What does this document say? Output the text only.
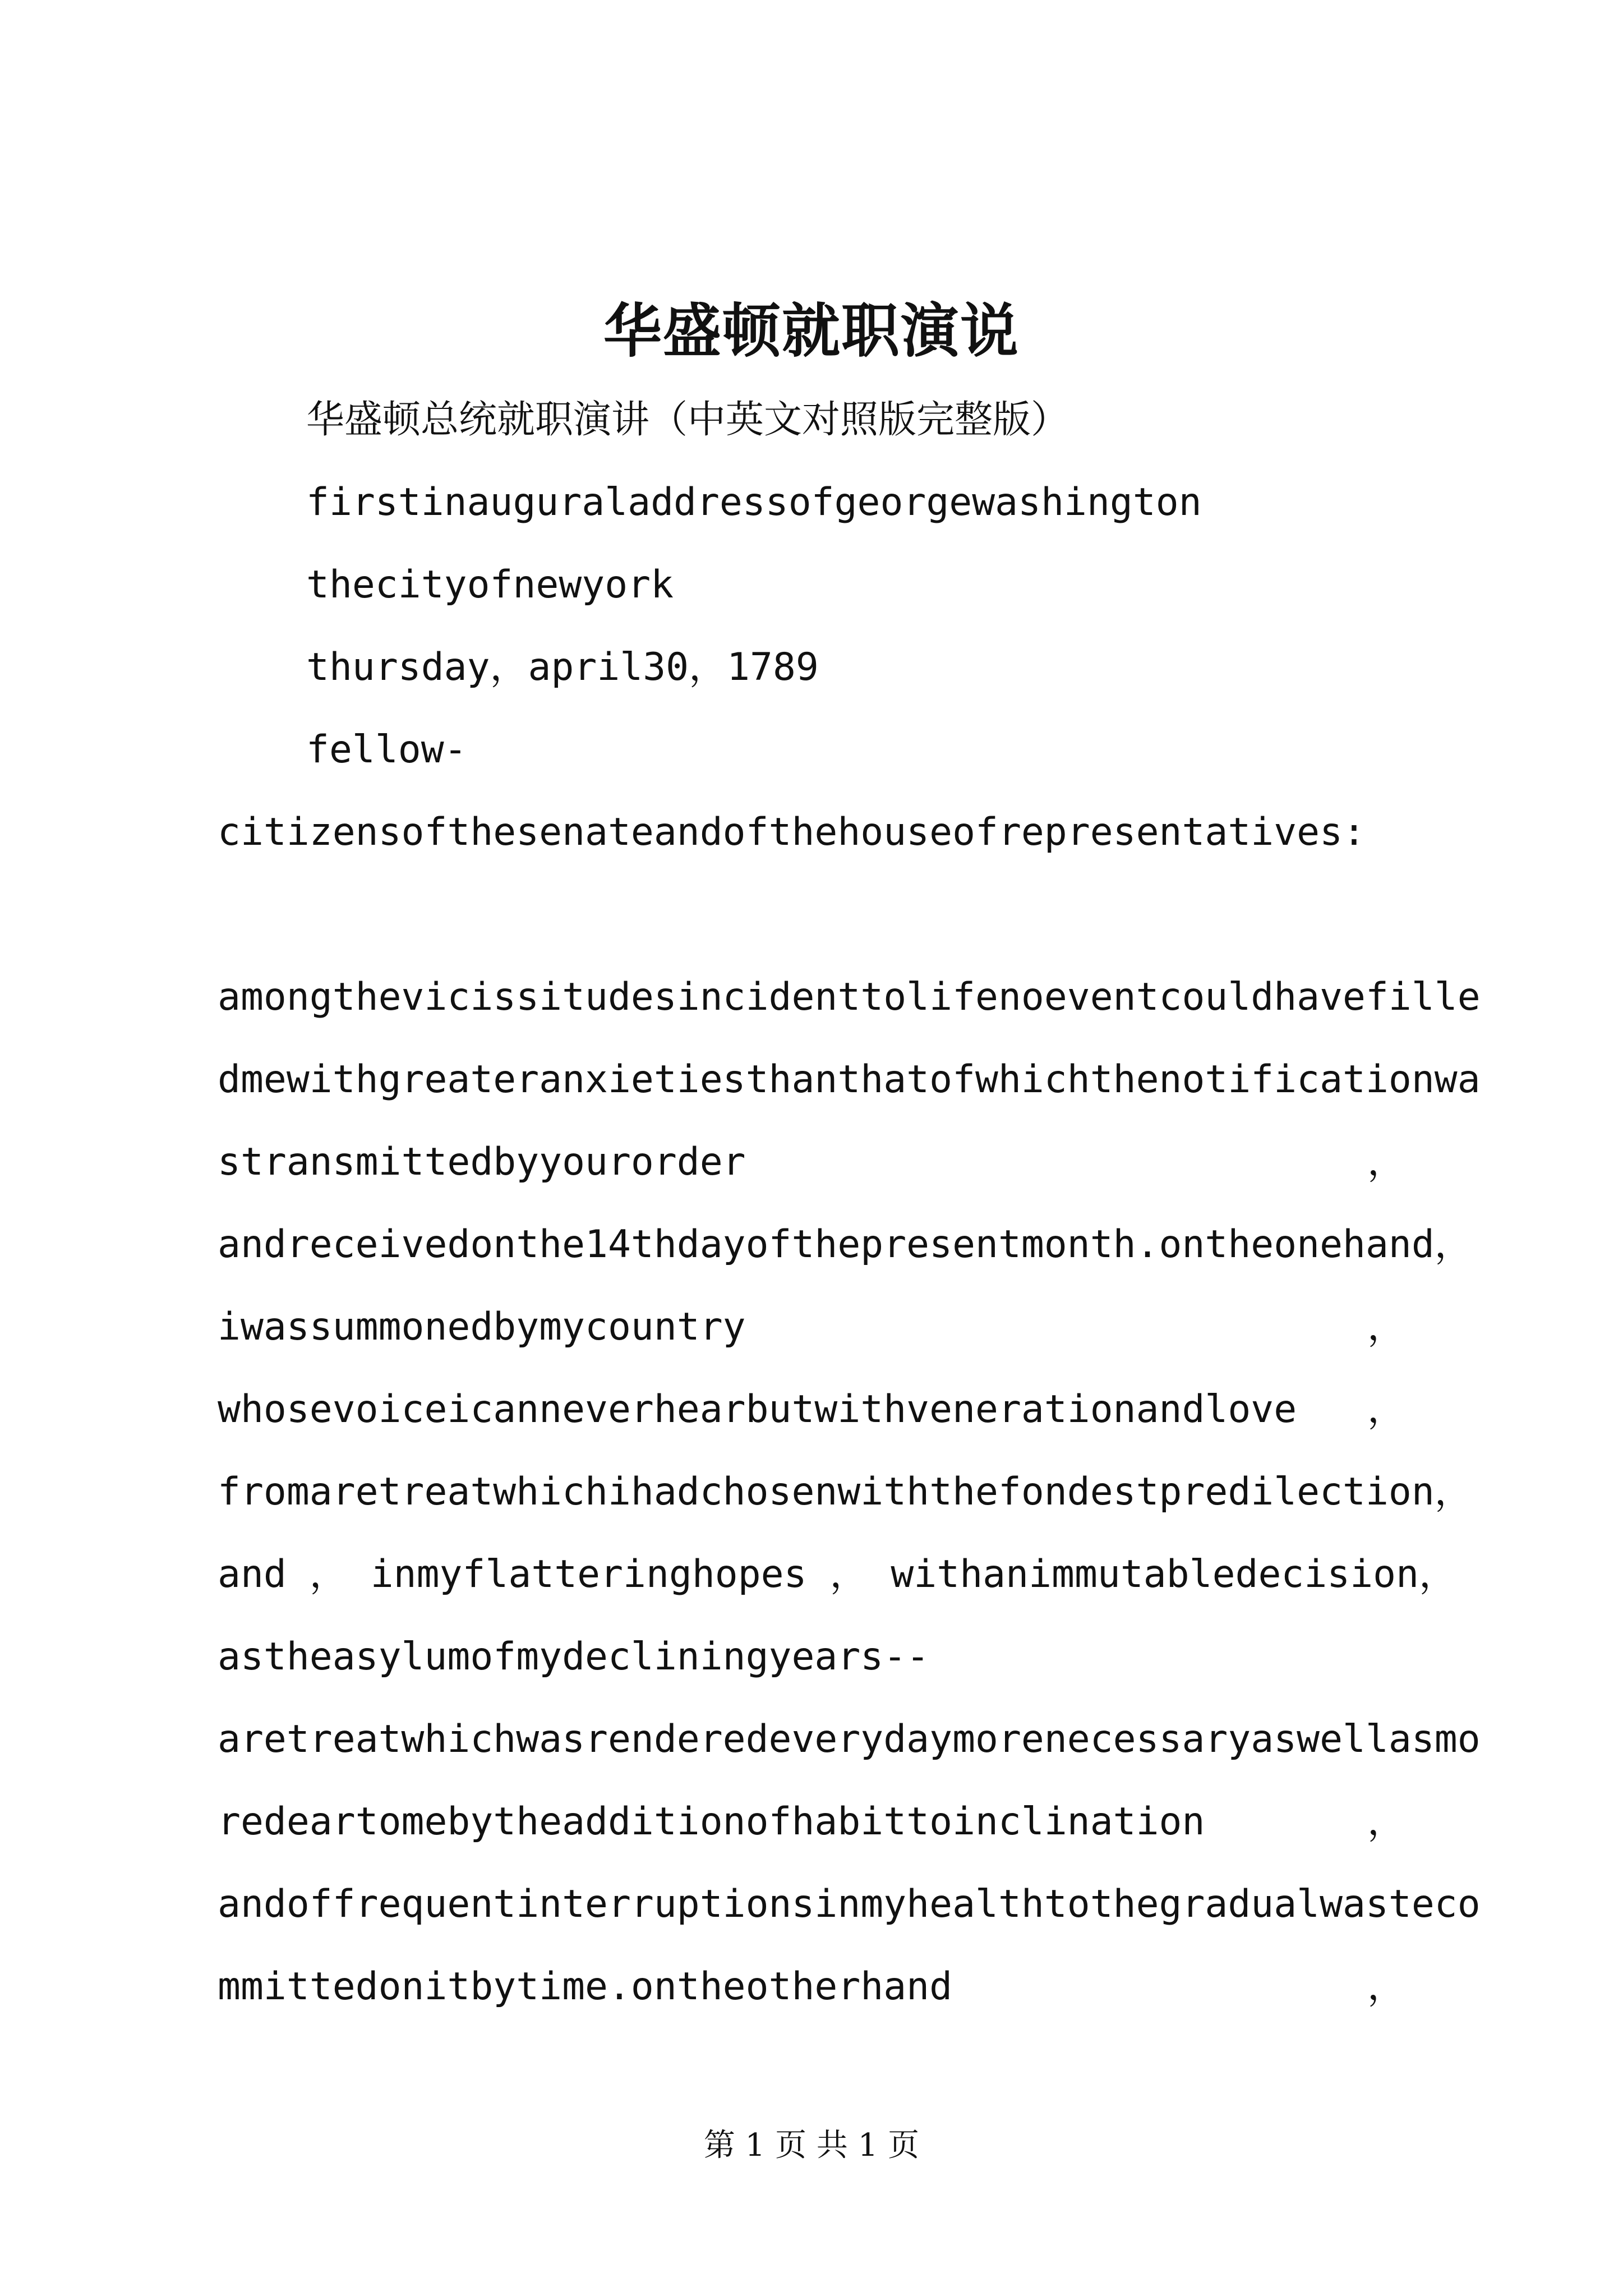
华盛顿就职演说
华盛顿总统就职演讲（中英文对照版完整版）
firstinauguraladdressofgeorgewashington
thecityofnewyork
thursday，april30，1789
fellow-
citizensofthesenateandofthehouseofrepresentatives:
amongthevicissitudesincidenttolifenoeventcouldhavefille
dmewithgreateranxietiesthanthatofwhichthenotificationwa
stransmittedbyyourorder	，
andreceivedonthe14thdayofthepresentmonth.ontheonehand ，
iwassummonedbymycountry	，
whosevoiceicanneverhearbutwithvenerationandlove ，
fromaretreatwhichihadchosenwiththefondestpredilection ，
and ， inmyflatteringhopes ， withanimmutabledecision ，
astheasylumofmydecliningyears--
aretreatwhichwasrenderedeverydaymorenecessaryaswellasmo
redeartomebytheadditionofhabittoinclination	，
andoffrequentinterruptionsinmyhealthtothegradualwasteco
mmittedonitbytime.ontheotherhand	，
第 1 页 共 1 页
